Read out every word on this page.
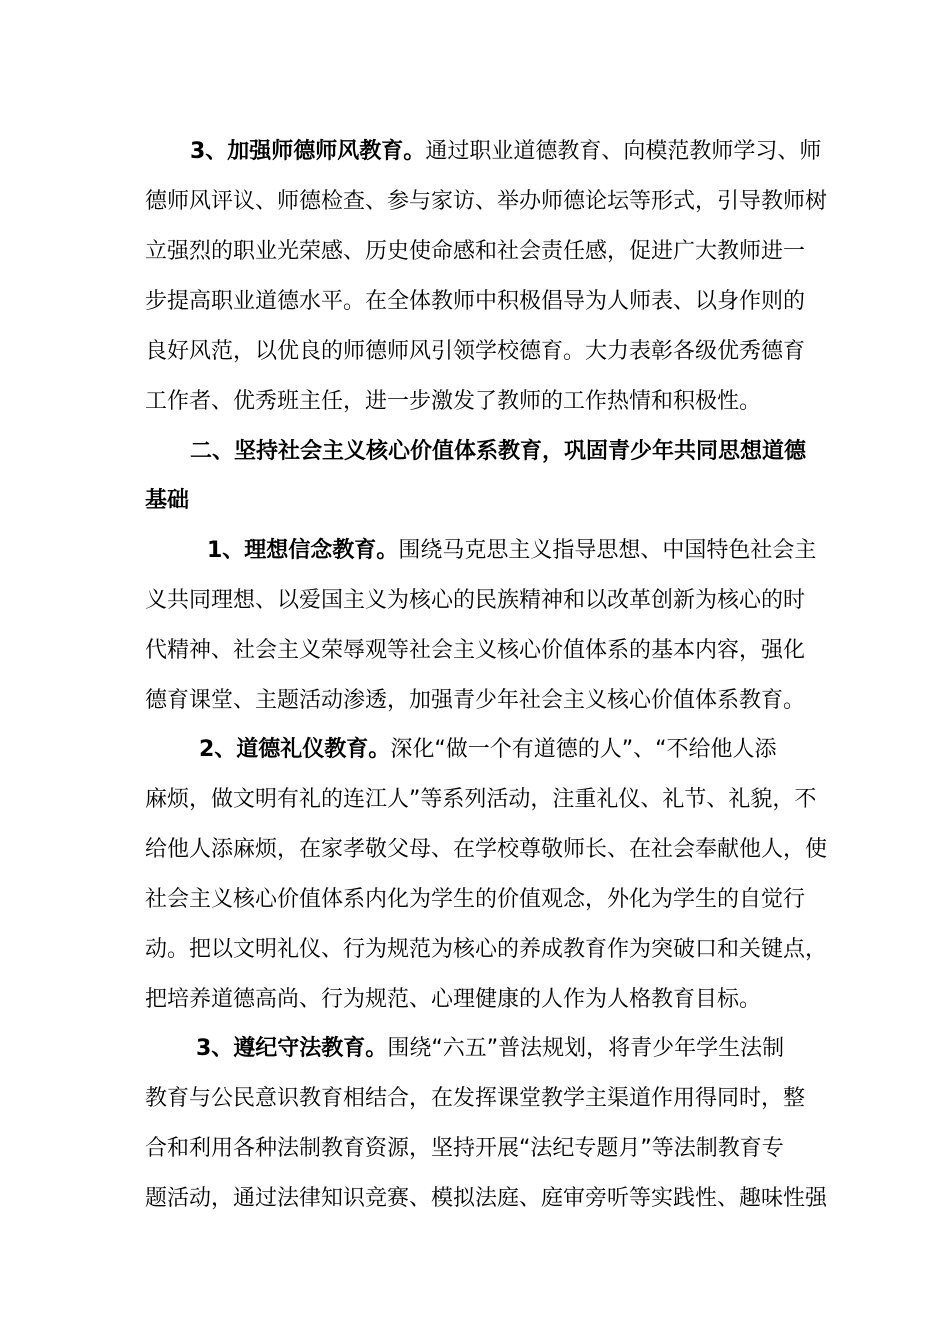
3、加强师德师风教育。通过职业道德教育、向模范教师学习、师
德师风评议、师德检查、参与家访、举办师德论坛等形式，引导教师树
立强烈的职业光荣感、历史使命感和社会责任感，促进广大教师进一
步提高职业道德水平。在全体教师中积极倡导为人师表、以身作则的
良好风范，以优良的师德师风引领学校德育。大力表彰各级优秀德育
工作者、优秀班主任，进一步激发了教师的工作热情和积极性。
二、坚持社会主义核心价值体系教育，巩固青少年共同思想道德
基础
1、理想信念教育。围绕马克思主义指导思想、中国特色社会主
义共同理想、以爱国主义为核心的民族精神和以改革创新为核心的时
代精神、社会主义荣辱观等社会主义核心价值体系的基本内容，强化
德育课堂、主题活动渗透，加强青少年社会主义核心价值体系教育。
2、道德礼仪教育。深化“做一个有道德的人”、“不给他人添
麻烦，做文明有礼的连江人”等系列活动，注重礼仪、礼节、礼貌，不
给他人添麻烦，在家孝敬父母、在学校尊敬师长、在社会奉献他人，使
社会主义核心价值体系内化为学生的价值观念，外化为学生的自觉行
动。把以文明礼仪、行为规范为核心的养成教育作为突破口和关键点，
把培养道德高尚、行为规范、心理健康的人作为人格教育目标。
3、遵纪守法教育。围绕“六五”普法规划，将青少年学生法制
教育与公民意识教育相结合，在发挥课堂教学主渠道作用得同时，整
合和利用各种法制教育资源，坚持开展“法纪专题月”等法制教育专
题活动，通过法律知识竞赛、模拟法庭、庭审旁听等实践性、趣味性强
